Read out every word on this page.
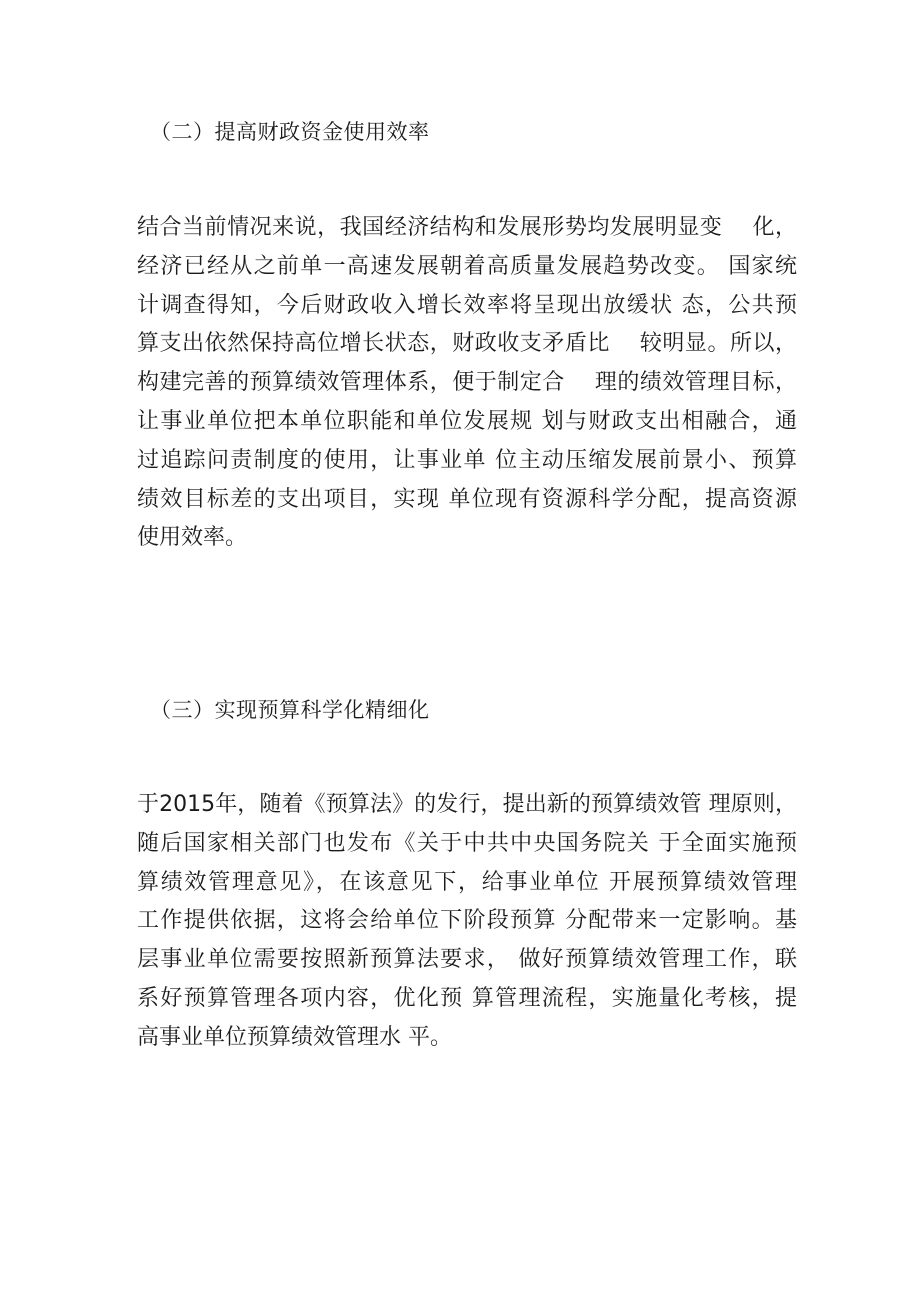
（二）提高财政资金使用效率
结合当前情况来说，我国经济结构和发展形势均发展明显变　 化，
经济已经从之前单一高速发展朝着高质量发展趋势改变。 国家统
计调查得知，今后财政收入增长效率将呈现出放缓状 态，公共预
算支出依然保持高位增长状态，财政收支矛盾比　 较明显。所以，
构建完善的预算绩效管理体系，便于制定合　 理的绩效管理目标，
让事业单位把本单位职能和单位发展规 划与财政支出相融合，通
过追踪问责制度的使用，让事业单 位主动压缩发展前景小、预算
绩效目标差的支出项目，实现 单位现有资源科学分配，提高资源
使用效率。
（三）实现预算科学化精细化
于2015年，随着《预算法》的发行，提出新的预算绩效管 理原则，
随后国家相关部门也发布《关于中共中央国务院关 于全面实施预
算绩效管理意见》，在该意见下，给事业单位 开展预算绩效管理
工作提供依据，这将会给单位下阶段预算 分配带来一定影响。基
层事业单位需要按照新预算法要求， 做好预算绩效管理工作，联
系好预算管理各项内容，优化预 算管理流程，实施量化考核，提
高事业单位预算绩效管理水 平。
